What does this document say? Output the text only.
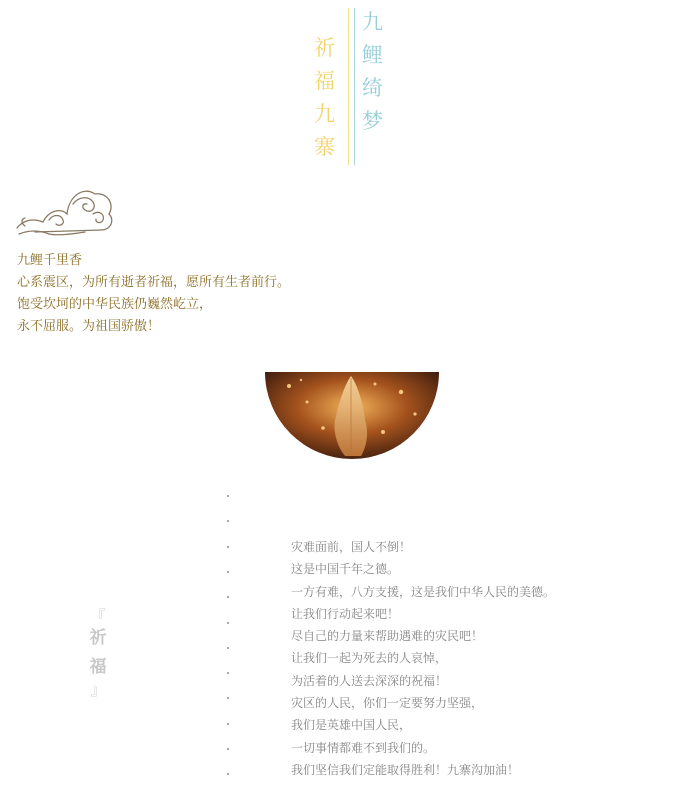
祈
福
九
寨
九
鲤
绮
梦
九鲤千里香
心系震区，为所有逝者祈福，愿所有生者前行。
饱受坎坷的中华民族仍巍然屹立，
永不屈服。为祖国骄傲！
『
祈
福
』
灾难面前，国人不倒！
这是中国千年之德。
一方有难，八方支援，这是我们中华人民的美德。
让我们行动起来吧！
尽自己的力量来帮助遇难的灾民吧！
让我们一起为死去的人哀悼，
为活着的人送去深深的祝福！
灾区的人民，你们一定要努力坚强，
我们是英雄中国人民，
一切事情都难不到我们的。
我们坚信我们定能取得胜利！九寨沟加油！
